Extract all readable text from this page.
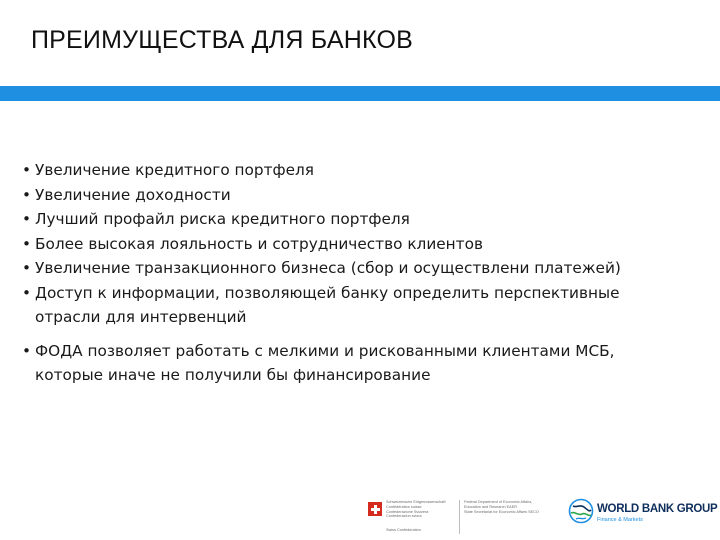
ПРЕИМУЩЕСТВА ДЛЯ БАНКОВ
• Увеличение кредитного портфеля
• Увеличение доходности
• Лучший профайл риска кредитного портфеля
• Более высокая лояльность и сотрудничество клиентов
• Увеличение транзакционного бизнеса (сбор и осуществлени платежей)
• Доступ к информации, позволяющей банку определить перспективные
отрасли для интервенций
• ФОДА позволяет работать с мелкими и рискованными клиентами МСБ,
которые иначе не получили бы финансирование
Schweizerische Eidgenossenschaft
Confédération suisse
Confederazione Svizzera
Confederaziun svizra
Swiss Confederation
Federal Department of Economic Affairs,
Education and Research EAER
State Secretariat for Economic Affairs SECO	WORLD BANK GROUP
Finance & Markets
